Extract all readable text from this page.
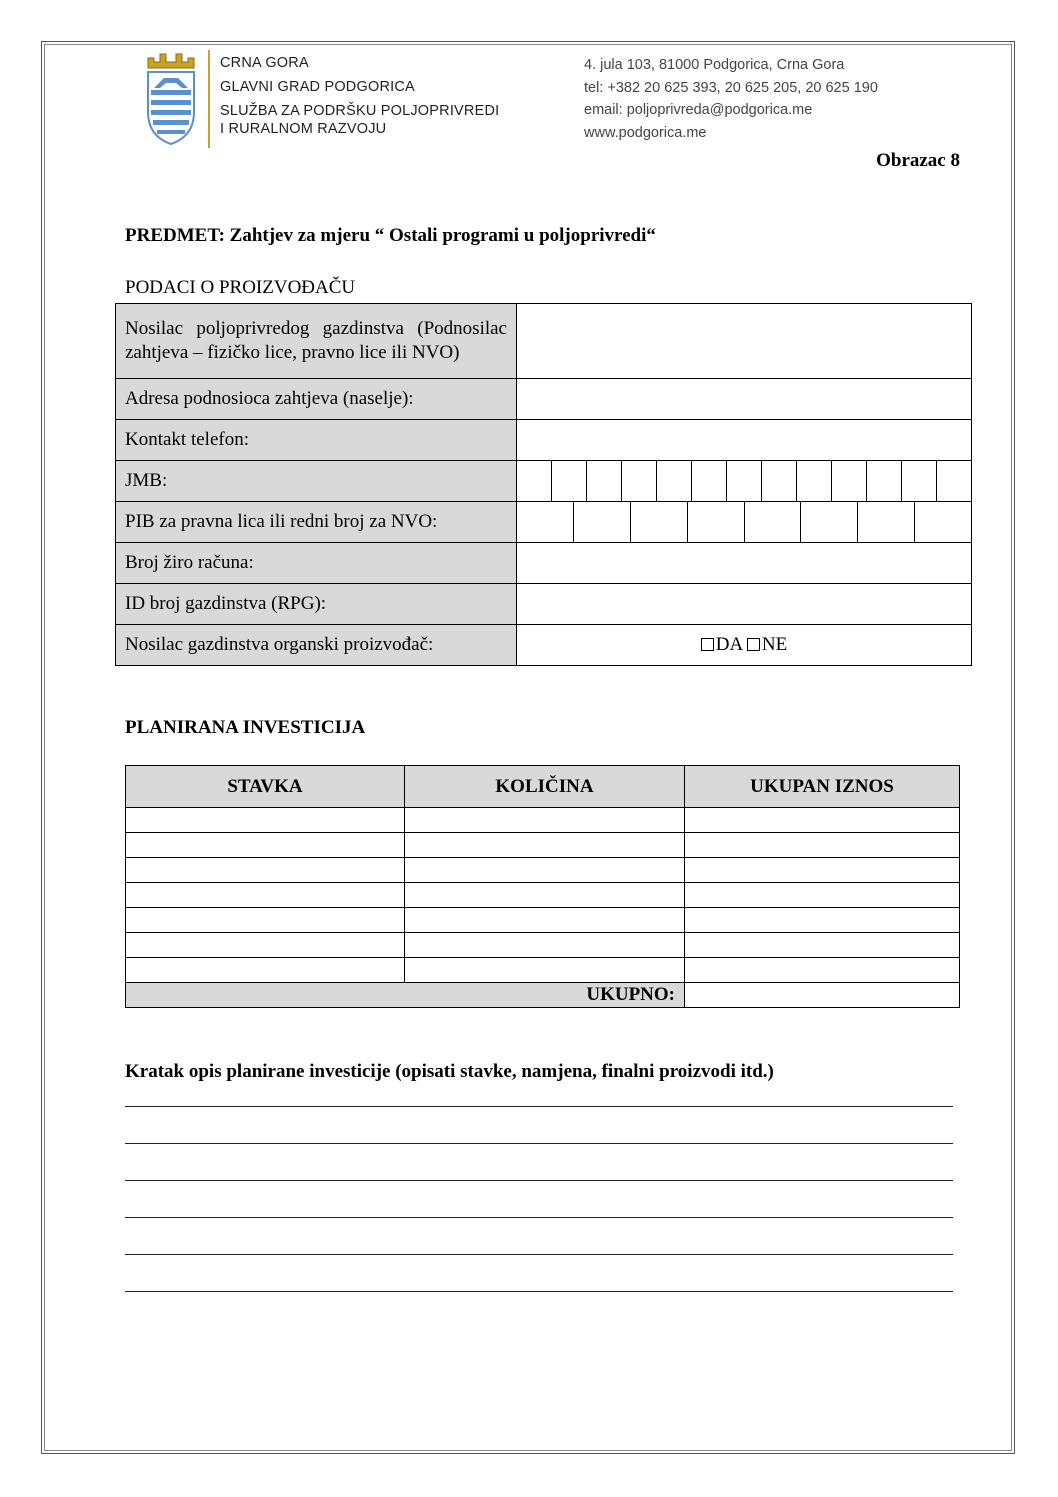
CRNA GORA
GLAVNI GRAD PODGORICA
SLUŽBA ZA PODRŠKU POLJOPRIVREDI
I RURALNOM RAZVOJU
4. jula 103, 81000 Podgorica, Crna Gora
tel: +382 20 625 393, 20 625 205, 20 625 190
email: poljoprivreda@podgorica.me
www.podgorica.me
Obrazac 8
PREDMET: Zahtjev za mjeru “ Ostali programi u poljoprivredi“
PODACI O PROIZVOĐAČU
Nosilac poljoprivredog gazdinstva (Podnosilac zahtjeva – fizičko lice, pravno lice ili NVO)	

Adresa podnosioca zahtjeva (naselje):	
Kontakt telefon:	
JMB:	

PIB za pravna lica ili redni broj za NVO:	

Broj žiro računa:	
ID broj gazdinstva (RPG):	
Nosilac gazdinstva organski proizvođač:	DA NE
PLANIRANA INVESTICIJA
STAVKA	KOLIČINA	UKUPAN IZNOS

UKUPNO:		
Kratak opis planirane investicije (opisati stavke, namjena, finalni proizvodi itd.)
